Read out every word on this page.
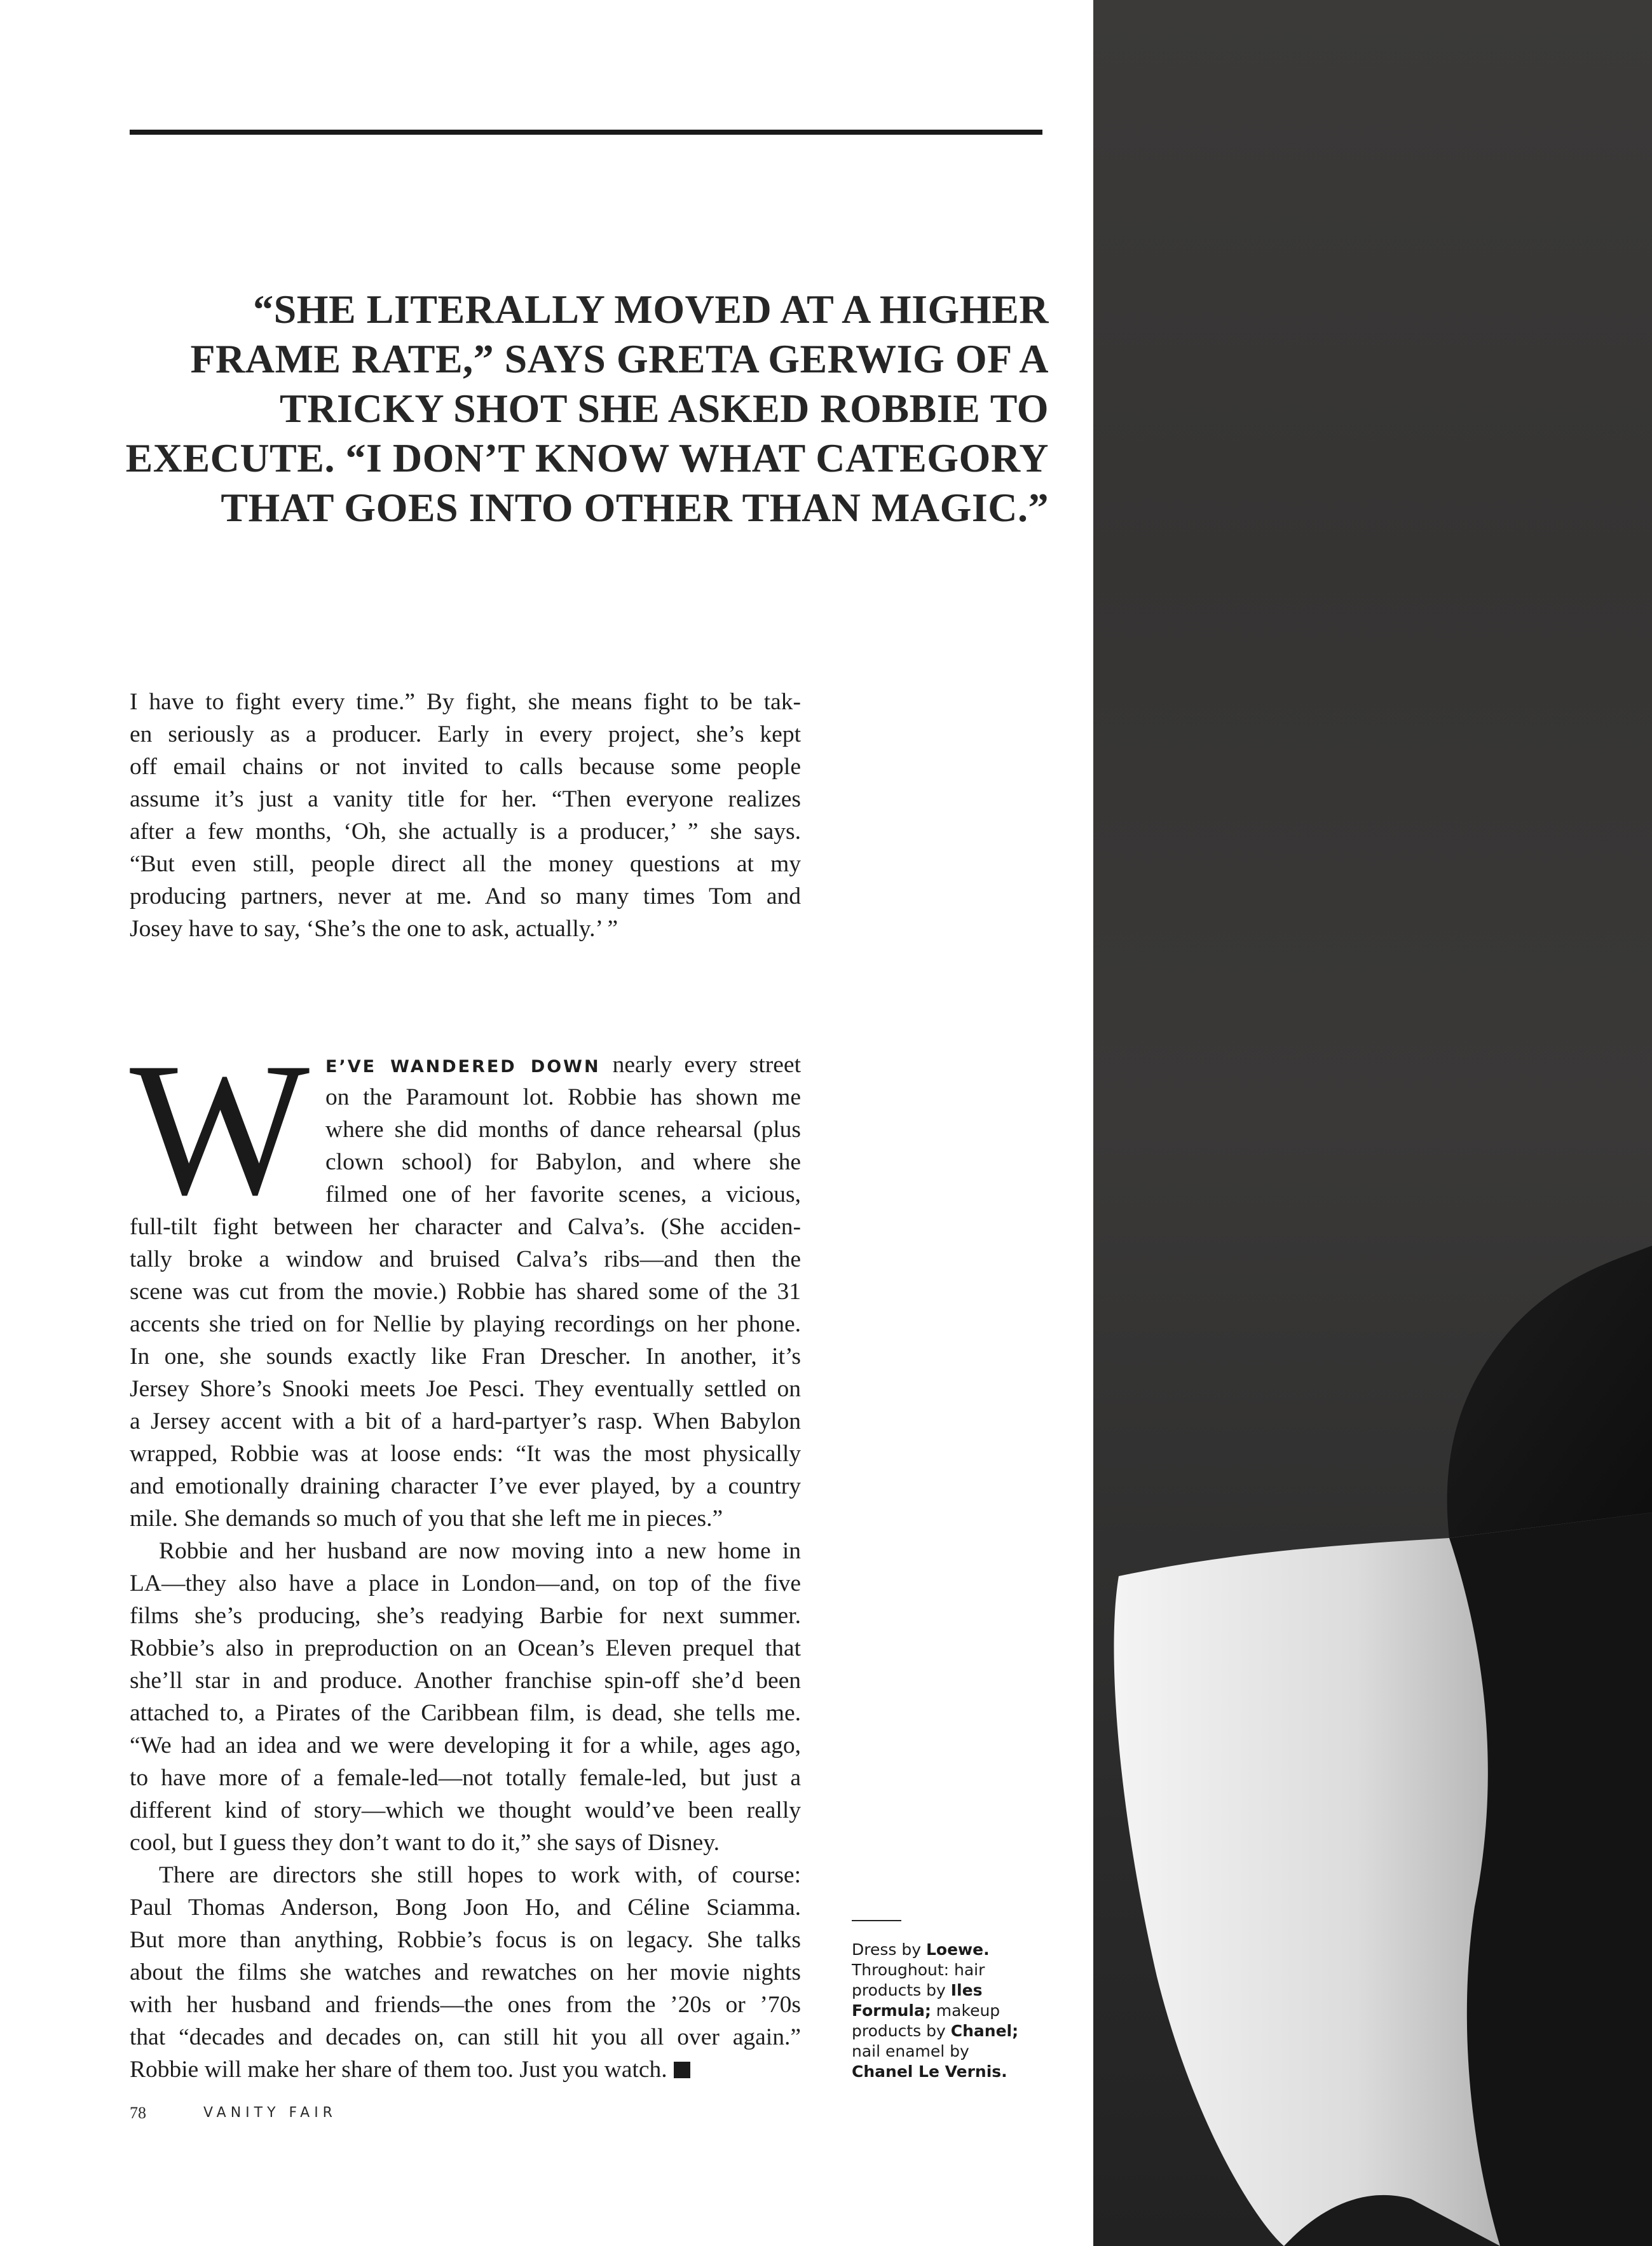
“SHE LITERALLY MOVED AT A HIGHER
FRAME RATE,” SAYS GRETA GERWIG OF A
TRICKY SHOT SHE ASKED ROBBIE TO
EXECUTE. “I DON’T KNOW WHAT CATEGORY
THAT GOES INTO OTHER THAN MAGIC.”
I have to fight every time.” By fight, she means fight to be tak-
en seriously as a producer. Early in every project, she’s kept
off email chains or not invited to calls because some people
assume it’s just a vanity title for her. “Then everyone realizes
after a few months, ‘Oh, she actually is a producer,’ ” she says.
“But even still, people direct all the money questions at my
producing partners, never at me. And so many times Tom and
Josey have to say, ‘She’s the one to ask, actually.’ ”
W	E’VE WANDERED DOWN nearly every street
on the Paramount lot. Robbie has shown me
where she did months of dance rehearsal (plus
clown school) for Babylon, and where she
filmed one of her favorite scenes, a vicious,
full-tilt fight between her character and Calva’s. (She acciden-
tally broke a window and bruised Calva’s ribs—and then the
scene was cut from the movie.) Robbie has shared some of the 31
accents she tried on for Nellie by playing recordings on her phone.
In one, she sounds exactly like Fran Drescher. In another, it’s
Jersey Shore’s Snooki meets Joe Pesci. They eventually settled on
a Jersey accent with a bit of a hard-partyer’s rasp. When Babylon
wrapped, Robbie was at loose ends: “It was the most physically
and emotionally draining character I’ve ever played, by a country
mile. She demands so much of you that she left me in pieces.”
Robbie and her husband are now moving into a new home in
LA—they also have a place in London—and, on top of the five
films she’s producing, she’s readying Barbie for next summer.
Robbie’s also in preproduction on an Ocean’s Eleven prequel that
she’ll star in and produce. Another franchise spin-off she’d been
attached to, a Pirates of the Caribbean film, is dead, she tells me.
“We had an idea and we were developing it for a while, ages ago,
to have more of a female-led—not totally female-led, but just a
different kind of story—which we thought would’ve been really
cool, but I guess they don’t want to do it,” she says of Disney.
There are directors she still hopes to work with, of course:
Paul Thomas Anderson, Bong Joon Ho, and Céline Sciamma.
But more than anything, Robbie’s focus is on legacy. She talks
about the films she watches and rewatches on her movie nights
with her husband and friends—the ones from the ’20s or ’70s
that “decades and decades on, can still hit you all over again.”
Robbie will make her share of them too. Just you watch.
Dress by Loewe.
Throughout: hair
products by Iles
Formula; makeup
products by Chanel;
nail enamel by
Chanel Le Vernis.
78	VANITY FAIR
